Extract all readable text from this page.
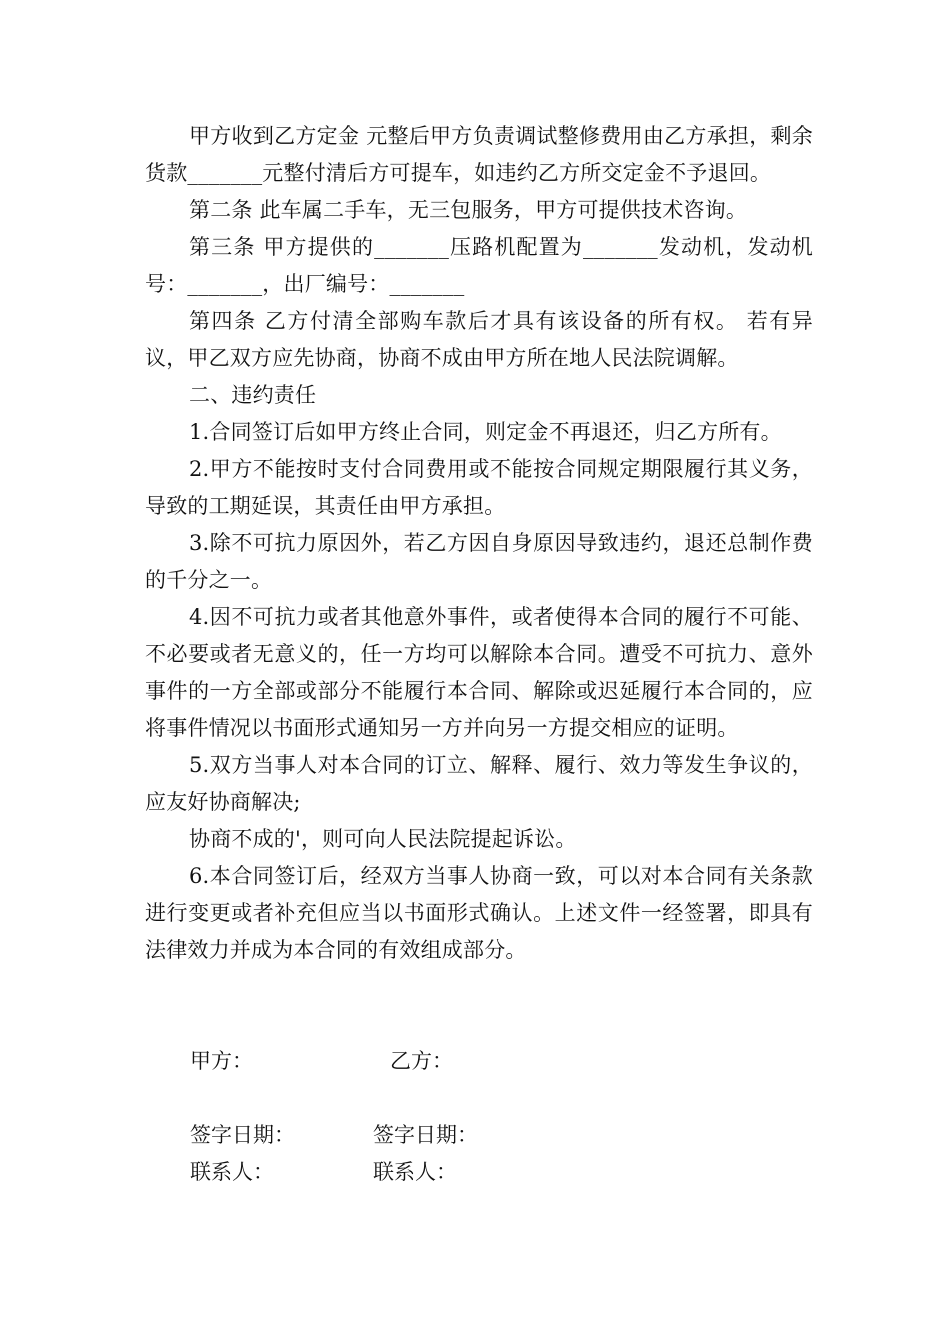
甲方收到乙方定金 元整后甲方负责调试整修费用由乙方承担，剩余货款_______元整付清后方可提车，如违约乙方所交定金不予退回。

第二条 此车属二手车，无三包服务，甲方可提供技术咨询。

第三条 甲方提供的_______压路机配置为_______发动机，发动机号：_______，出厂编号：_______

第四条 乙方付清全部购车款后才具有该设备的所有权。 若有异议，甲乙双方应先协商，协商不成由甲方所在地人民法院调解。

二、违约责任

1.合同签订后如甲方终止合同，则定金不再退还，归乙方所有。

2.甲方不能按时支付合同费用或不能按合同规定期限履行其义务，导致的工期延误，其责任由甲方承担。

3.除不可抗力原因外，若乙方因自身原因导致违约，退还总制作费的千分之一。

4.因不可抗力或者其他意外事件，或者使得本合同的履行不可能、不必要或者无意义的，任一方均可以解除本合同。遭受不可抗力、意外事件的一方全部或部分不能履行本合同、解除或迟延履行本合同的，应将事件情况以书面形式通知另一方并向另一方提交相应的证明。

5.双方当事人对本合同的订立、解释、履行、效力等发生争议的，应友好协商解决;

协商不成的'，则可向人民法院提起诉讼。

6.本合同签订后，经双方当事人协商一致，可以对本合同有关条款进行变更或者补充但应当以书面形式确认。上述文件一经签署，即具有法律效力并成为本合同的有效组成部分。

甲方：	乙方：
签字日期：	签字日期：
联系人：	联系人：
